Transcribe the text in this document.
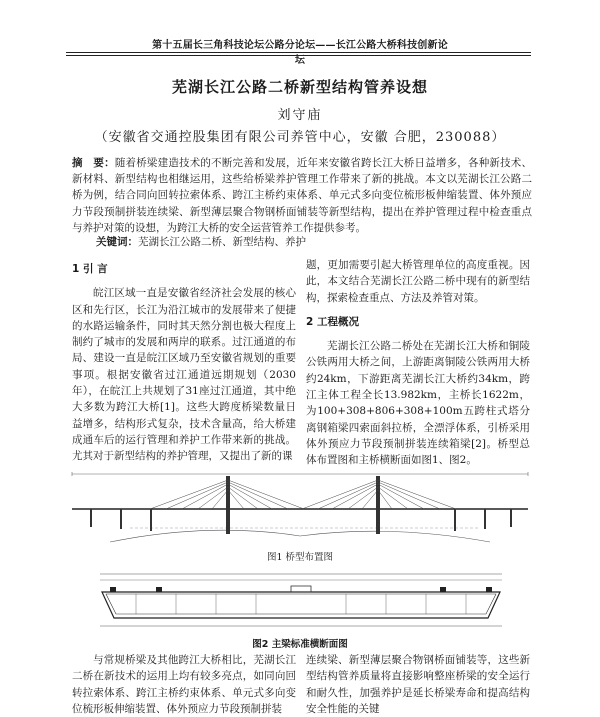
第十五届长三角科技论坛公路分论坛——长江公路大桥科技创新论坛
芜湖长江公路二桥新型结构管养设想
刘守庙
（安徽省交通控股集团有限公司养管中心，安徽 合肥，230088）
摘　要：随着桥梁建造技术的不断完善和发展，近年来安徽省跨长江大桥日益增多，各种新技术、新材料、新型结构也相继运用，这些给桥梁养护管理工作带来了新的挑战。本文以芜湖长江公路二桥为例，结合同向回转拉索体系、跨江主桥约束体系、单元式多向变位梳形板伸缩装置、体外预应力节段预制拼装连续梁、新型薄层聚合物钢桥面铺装等新型结构，提出在养护管理过程中检查重点与养护对策的设想，为跨江大桥的安全运营管养工作提供参考。
关键词：芜湖长江公路二桥、新型结构、养护

1 引 言

皖江区域一直是安徽省经济社会发展的核心区和先行区，长江为沿江城市的发展带来了便捷的水路运输条件，同时其天然分割也极大程度上制约了城市的发展和两岸的联系。过江通道的布局、建设一直是皖江区域乃至安徽省规划的重要事项。根据安徽省过江通道远期规划（2030年），在皖江上共规划了31座过江通道，其中绝大多数为跨江大桥[1]。这些大跨度桥梁数量日益增多，结构形式复杂，技术含量高，给大桥建成通车后的运行管理和养护工作带来新的挑战。尤其对于新型结构的养护管理，又提出了新的课

题，更加需要引起大桥管理单位的高度重视。因此，本文结合芜湖长江公路二桥中现有的新型结构，探索检查重点、方法及养管对策。

2 工程概况

芜湖长江公路二桥处在芜湖长江大桥和铜陵公铁两用大桥之间，上游距离铜陵公铁两用大桥约24km，下游距离芜湖长江大桥约34km，跨江主体工程全长13.982km，主桥长1622m，为100+308+806+308+100m五跨柱式塔分离钢箱梁四索面斜拉桥，全漂浮体系，引桥采用体外预应力节段预制拼装连续箱梁[2]。桥型总体布置图和主桥横断面如图1、图2。

图1 桥型布置图
图2 主梁标准横断面图

与常规桥梁及其他跨江大桥相比，芜湖长江二桥在新技术的运用上均有较多亮点，如同向回转拉索体系、跨江主桥约束体系、单元式多向变位梳形板伸缩装置、体外预应力节段预制拼装

连续梁、新型薄层聚合物钢桥面铺装等，这些新型结构管养质量将直接影响整座桥梁的安全运行和耐久性，加强养护是延长桥梁寿命和提高结构安全性能的关键
